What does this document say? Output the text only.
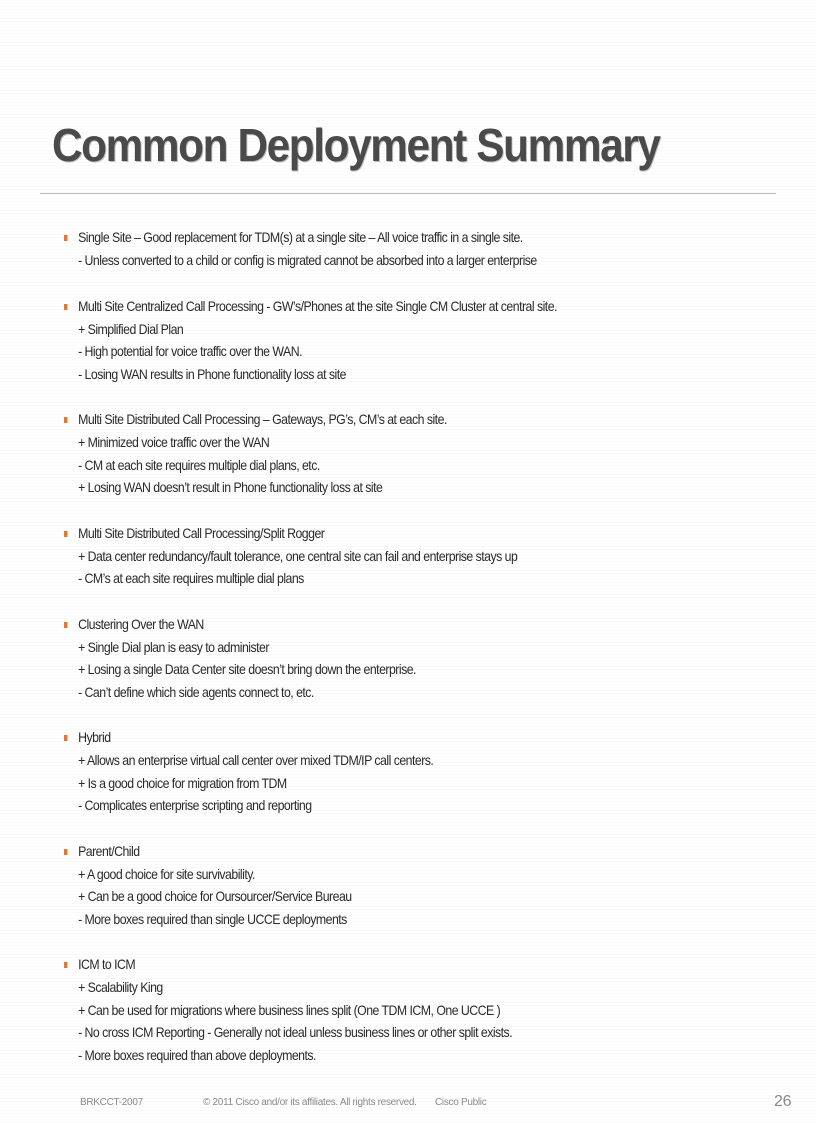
Common Deployment Summary
Single Site – Good replacement for TDM(s) at a single site – All voice traffic in a single site.
- Unless converted to a child or config is migrated cannot be absorbed into a larger enterprise
Multi Site Centralized Call Processing - GW’s/Phones at the site Single CM Cluster at central site.
+ Simplified Dial Plan
- High potential for voice traffic over the WAN.
- Losing WAN results in Phone functionality loss at site
Multi Site Distributed Call Processing – Gateways, PG’s, CM’s at each site.
+ Minimized voice traffic over the WAN
- CM at each site requires multiple dial plans, etc.
+ Losing WAN doesn’t result in Phone functionality loss at site
Multi Site Distributed Call Processing/Split Rogger
+ Data center redundancy/fault tolerance, one central site can fail and enterprise stays up
- CM’s at each site requires multiple dial plans
Clustering Over the WAN
+ Single Dial plan is easy to administer
+ Losing a single Data Center site doesn’t bring down the enterprise.
- Can’t define which side agents connect to, etc.
Hybrid
+ Allows an enterprise virtual call center over mixed TDM/IP call centers.
+ Is a good choice for migration from TDM
- Complicates enterprise scripting and reporting
Parent/Child
+ A good choice for site survivability.
+ Can be a good choice for Oursourcer/Service Bureau
- More boxes required than single UCCE deployments
ICM to ICM
+ Scalability King
+ Can be used for migrations where business lines split (One TDM ICM, One UCCE )
- No cross ICM Reporting - Generally not ideal unless business lines or other split exists.
- More boxes required than above deployments.
BRKCCT-2007	© 2011 Cisco and/or its affiliates. All rights reserved. Cisco Public	26
